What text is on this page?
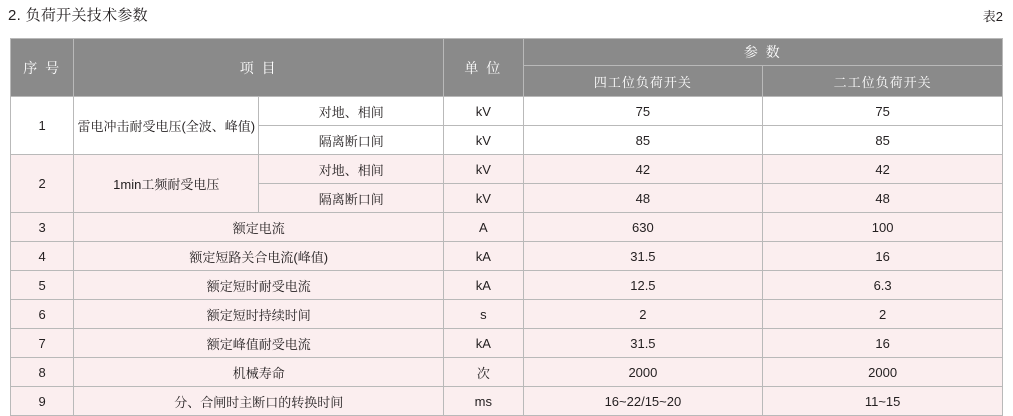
2. 负荷开关技术参数	表2
序 号	项 目		单 位	参 数	
				四工位负荷开关	二工位负荷开关
1	雷电冲击耐受电压(全波、峰值)	对地、相间	kV	75	75
		隔离断口间	kV	85	85
2	1min工频耐受电压	对地、相间	kV	42	42
		隔离断口间	kV	48	48
3	额定电流		A	630	100
4	额定短路关合电流(峰值)		kA	31.5	16
5	额定短时耐受电流		kA	12.5	6.3
6	额定短时持续时间		s	2	2
7	额定峰值耐受电流		kA	31.5	16
8	机械寿命		次	2000	2000
9	分、合闸时主断口的转换时间		ms	16~22/15~20	11~15
